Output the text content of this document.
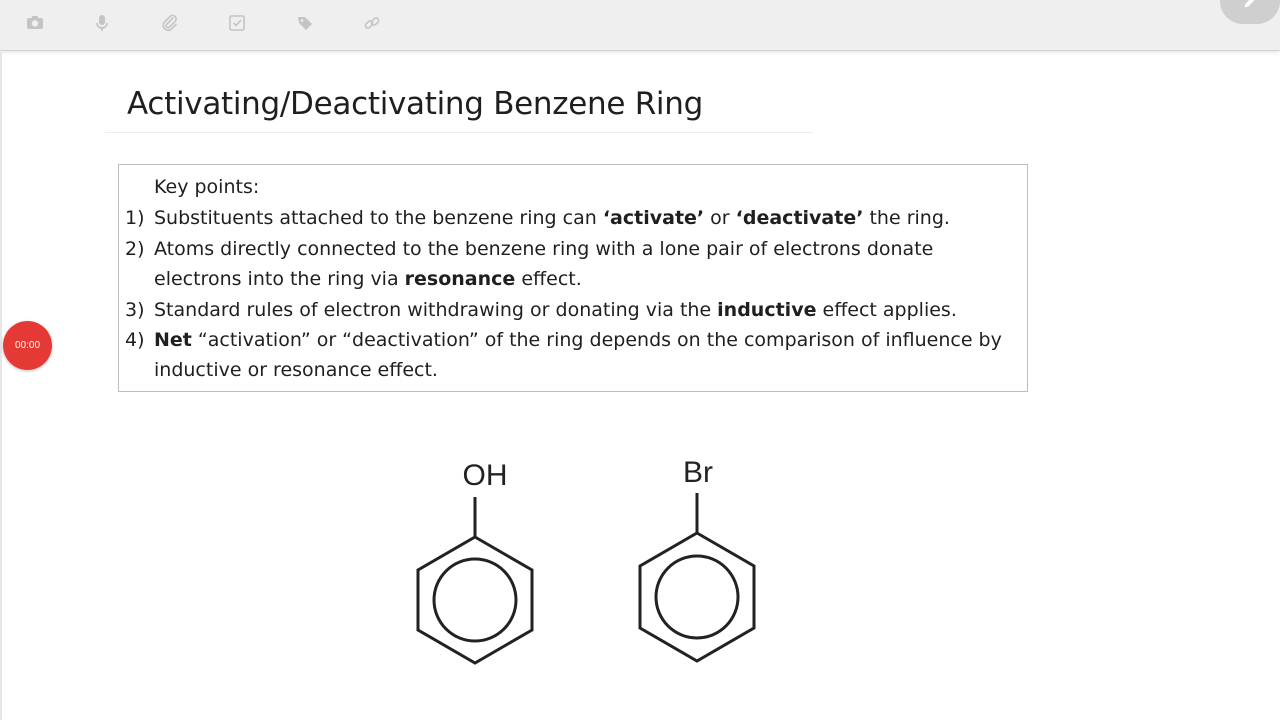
Activating/Deactivating Benzene Ring
Key points:
1) Substituents attached to the benzene ring can ‘activate’ or ‘deactivate’ the ring.
2) Atoms directly connected to the benzene ring with a lone pair of electrons donate electrons into the ring via resonance effect.
3) Standard rules of electron withdrawing or donating via the inductive effect applies.
4) Net “activation” or “deactivation” of the ring depends on the comparison of influence by inductive or resonance effect.
00:00
OH	Br
